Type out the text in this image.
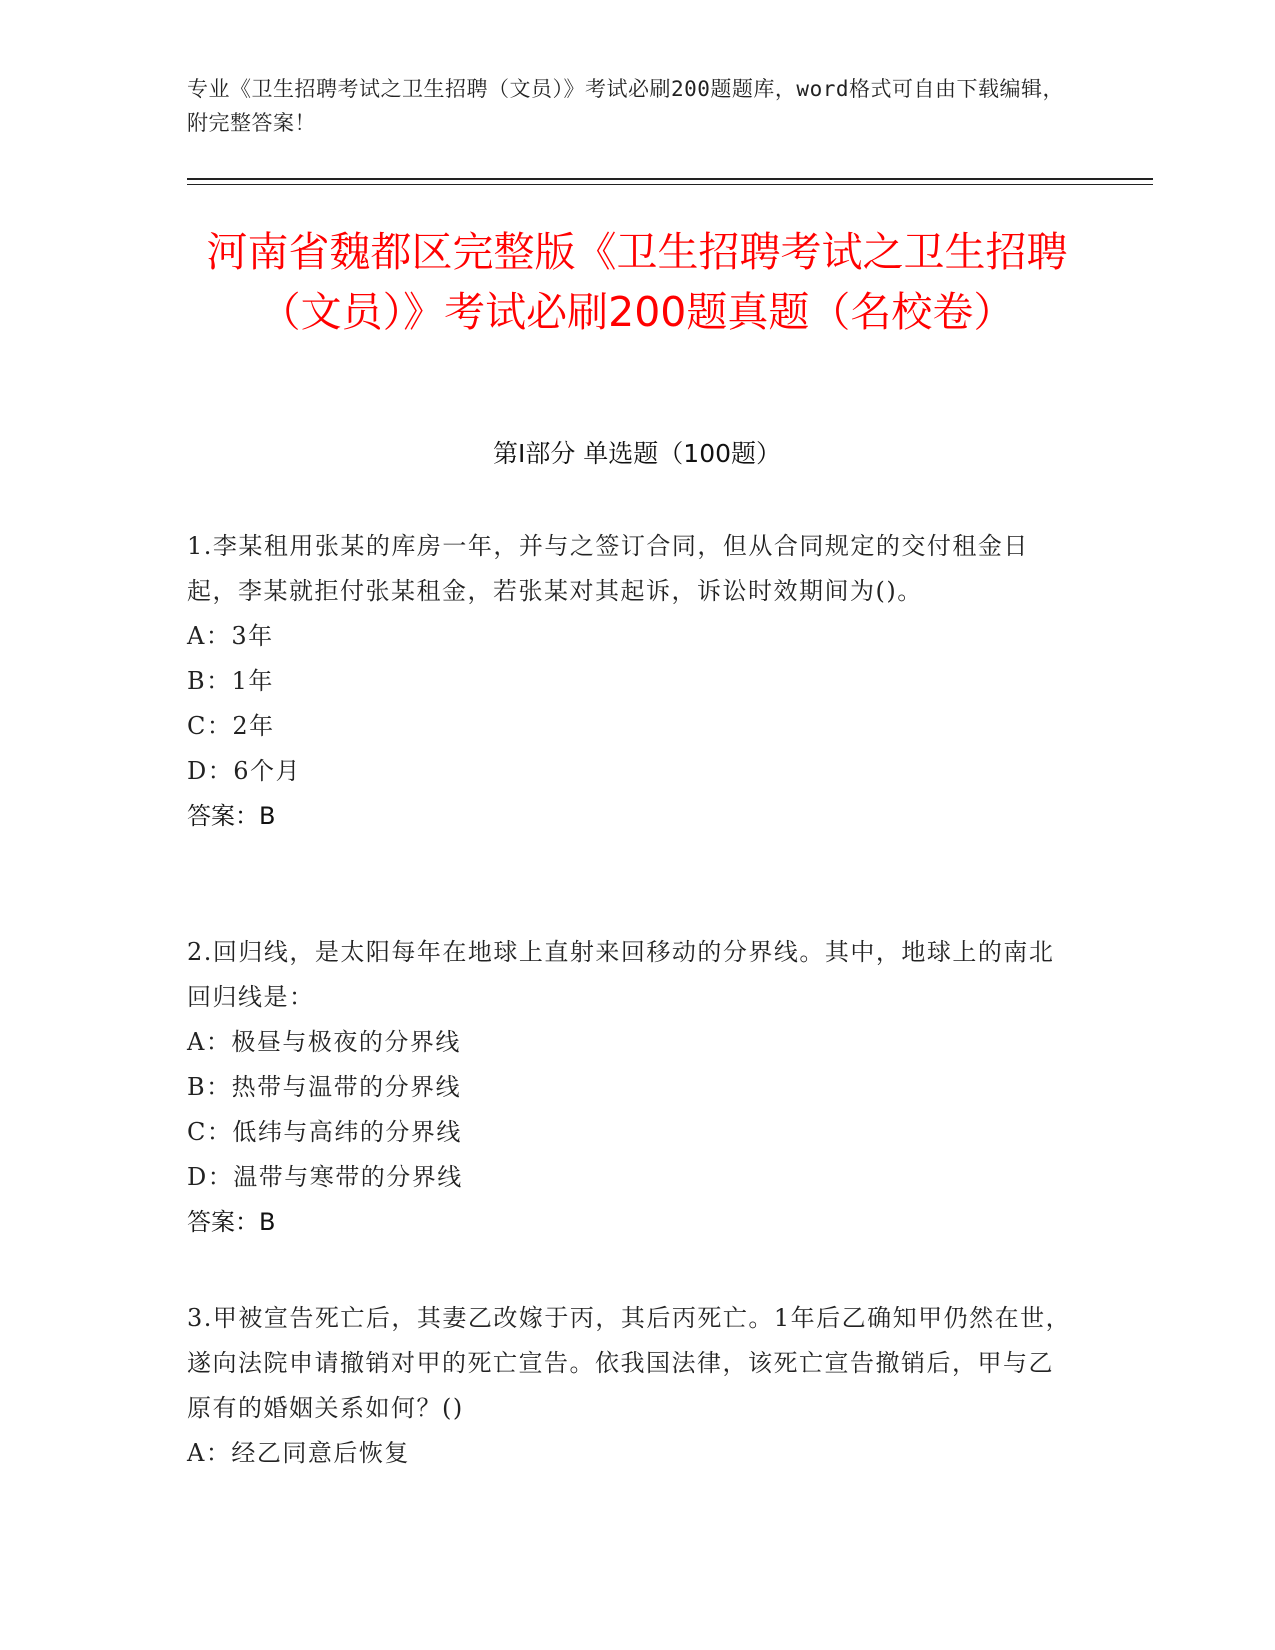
专业《卫生招聘考试之卫生招聘（文员）》考试必刷200题题库，word格式可自由下载编辑，附完整答案！
河南省魏都区完整版《卫生招聘考试之卫生招聘（文员）》考试必刷200题真题（名校卷）
第I部分 单选题（100题）
1.李某租用张某的库房一年，并与之签订合同，但从合同规定的交付租金日起，李某就拒付张某租金，若张某对其起诉，诉讼时效期间为()。
A：3年
B：1年
C：2年
D：6个月
答案：B
2.回归线，是太阳每年在地球上直射来回移动的分界线。其中，地球上的南北回归线是：
A：极昼与极夜的分界线
B：热带与温带的分界线
C：低纬与高纬的分界线
D：温带与寒带的分界线
答案：B
3.甲被宣告死亡后，其妻乙改嫁于丙，其后丙死亡。1年后乙确知甲仍然在世，遂向法院申请撤销对甲的死亡宣告。依我国法律，该死亡宣告撤销后，甲与乙原有的婚姻关系如何？()
A：经乙同意后恢复
